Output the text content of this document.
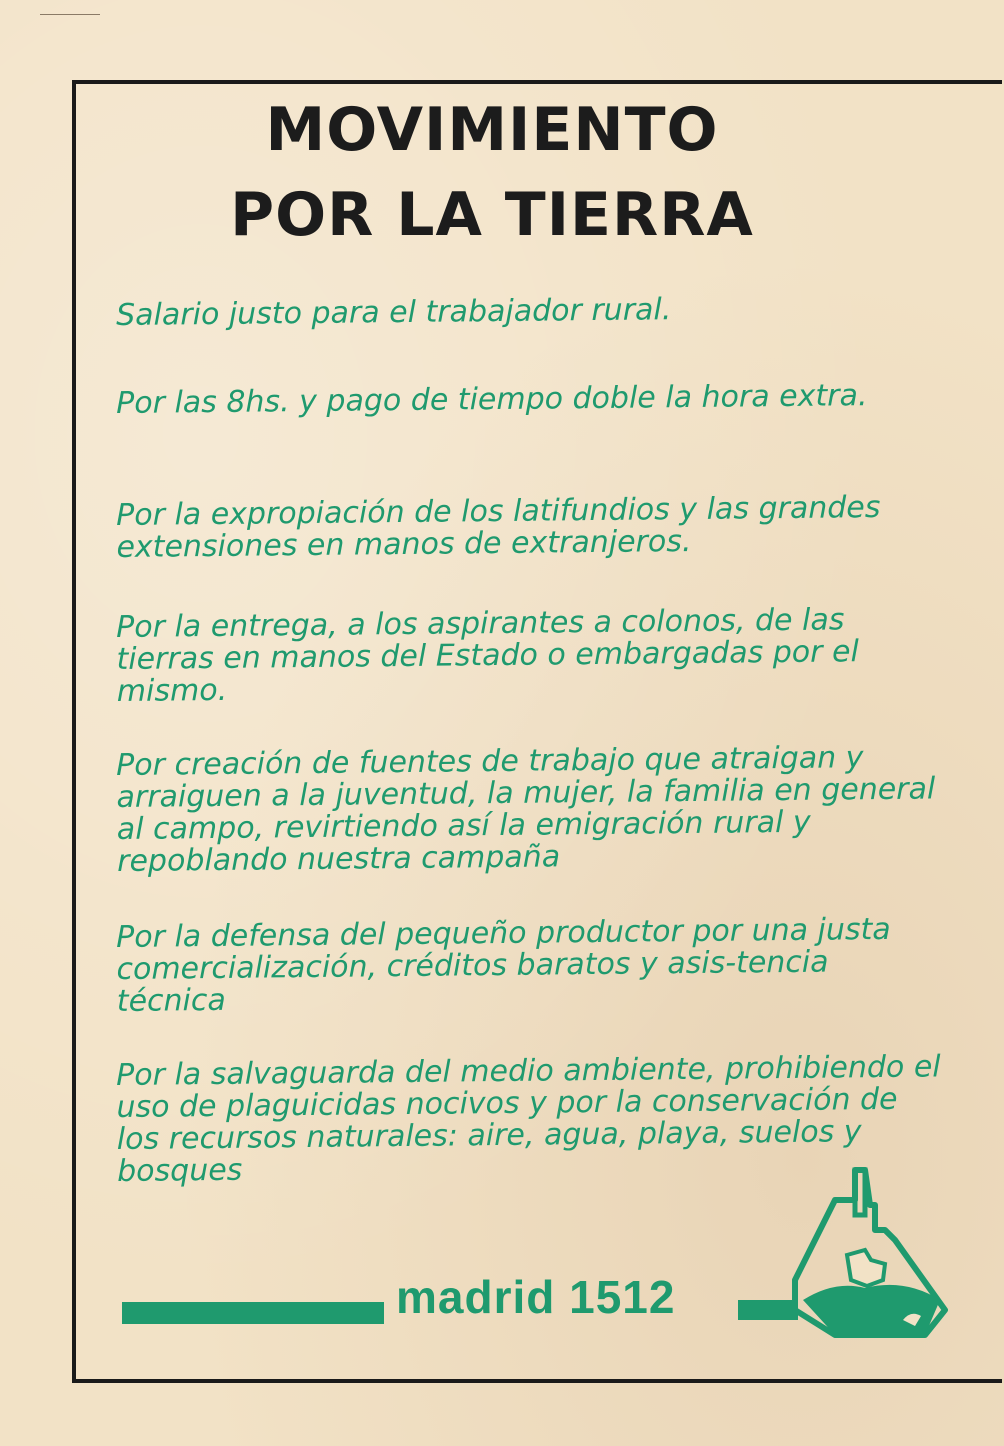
MOVIMIENTO
POR LA TIERRA

Salario justo para el trabajador rural.

Por las 8hs. y pago de tiempo doble la hora extra.

Por la expropiación de los latifundios y las grandes extensiones en manos de extranjeros.

Por la entrega, a los aspirantes a colonos, de las tierras en manos del Estado o embargadas por el mismo.

Por creación de fuentes de trabajo que atraigan y arraiguen a la juventud, la mujer, la familia en general al campo, revirtiendo así la emigración rural y repoblando nuestra campaña

Por la defensa del pequeño productor por una justa comercialización, créditos baratos y asis-tencia técnica

Por la salvaguarda del medio ambiente, prohibiendo el uso de plaguicidas nocivos y por la conservación de los recursos naturales: aire, agua, playa, suelos y bosques

madrid 1512
